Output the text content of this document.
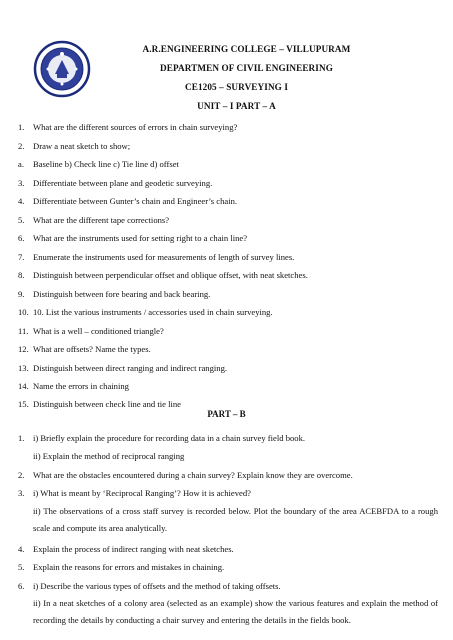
A.R.ENGINEERING COLLEGE – VILLUPURAM
DEPARTMEN OF CIVIL ENGINEERING
CE1205 – SURVEYING I
UNIT – I PART – A
1. What are the different sources of errors in chain surveying?
2. Draw a neat sketch to show;
a. Baseline b) Check line c) Tie line d) offset
3. Differentiate between plane and geodetic surveying.
4. Differentiate between Gunter’s chain and Engineer’s chain.
5. What are the different tape corrections?
6. What are the instruments used for setting right to a chain line?
7. Enumerate the instruments used for measurements of length of survey lines.
8. Distinguish between perpendicular offset and oblique offset, with neat sketches.
9. Distinguish between fore bearing and back bearing.
10. 10. List the various instruments / accessories used in chain surveying.
11. What is a well – conditioned triangle?
12. What are offsets? Name the types.
13. Distinguish between direct ranging and indirect ranging.
14. Name the errors in chaining
15. Distinguish between check line and tie line
PART – B
1. i) Briefly explain the procedure for recording data in a chain survey field book.
ii) Explain the method of reciprocal ranging
2. What are the obstacles encountered during a chain survey? Explain know they are overcome.
3. i) What is meant by ‘Reciprocal Ranging’? How it is achieved?
ii) The observations of a cross staff survey is recorded below. Plot the boundary of the area ACEBFDA to a rough scale and compute its area analytically.
4. Explain the process of indirect ranging with neat sketches.
5. Explain the reasons for errors and mistakes in chaining.
6. i) Describe the various types of offsets and the method of taking offsets.
ii) In a neat sketches of a colony area (selected as an example) show the various features and explain the method of recording the details by conducting a chair survey and entering the details in the fields book.
